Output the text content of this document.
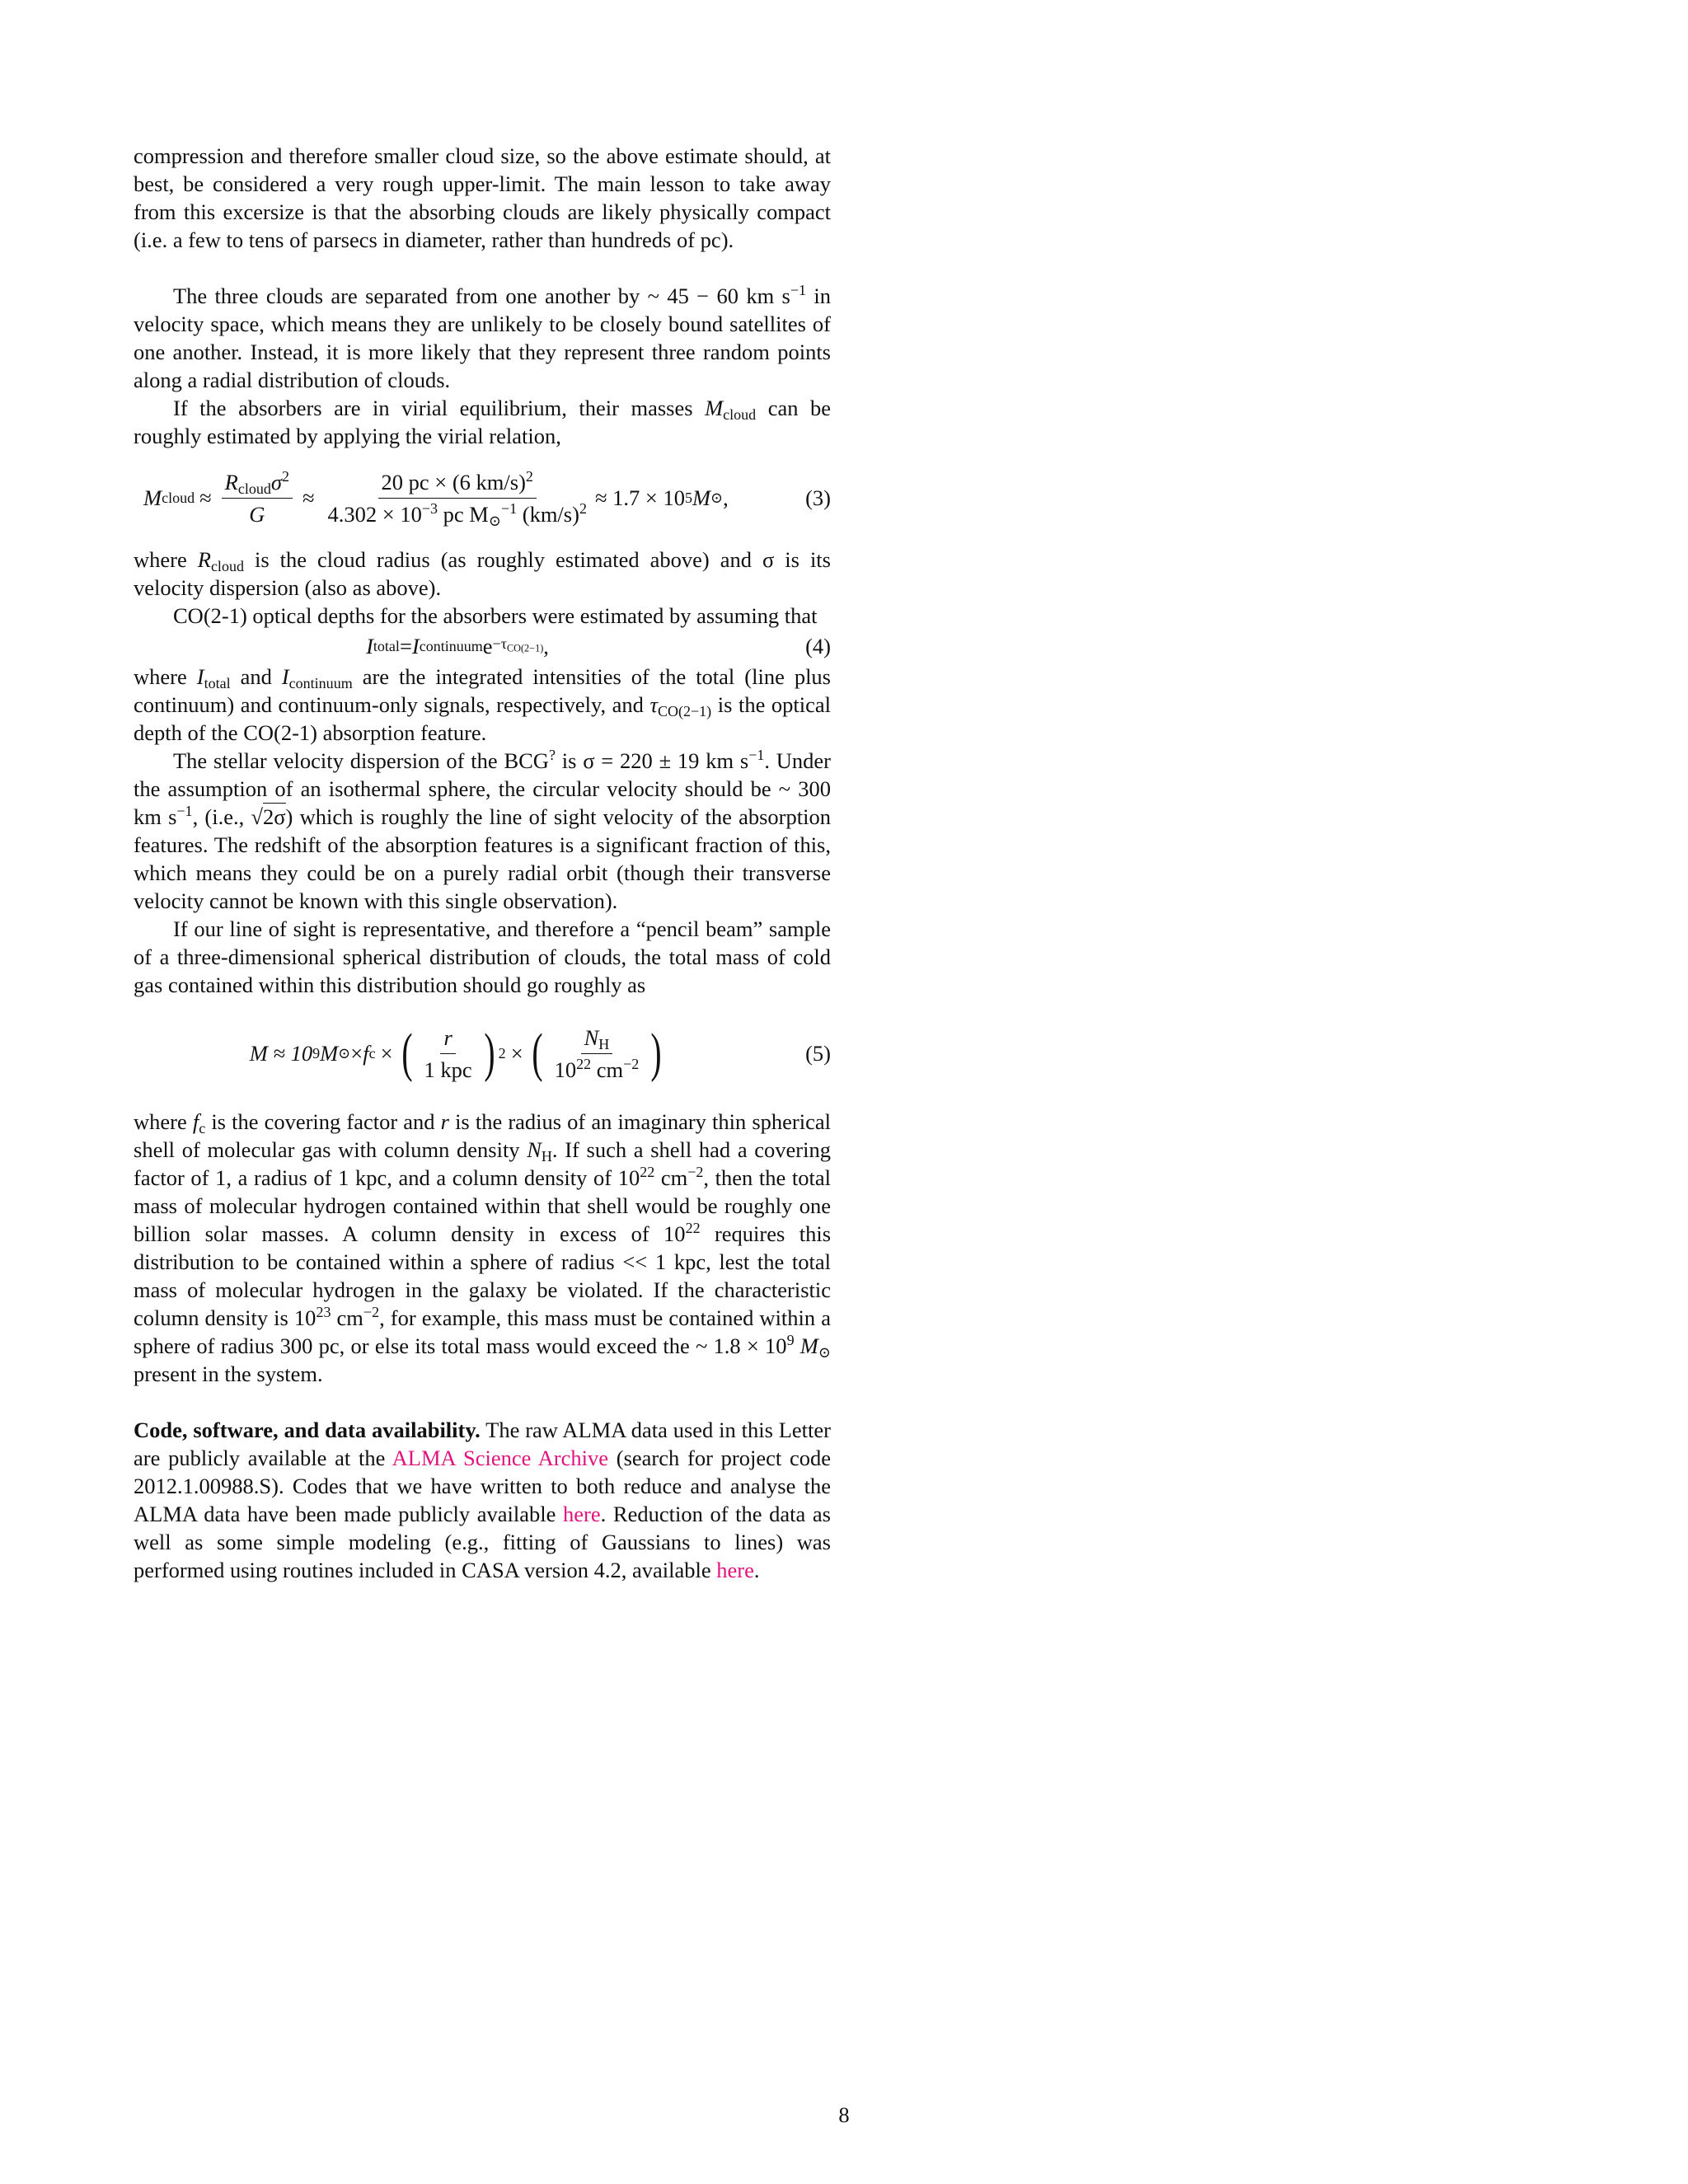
compression and therefore smaller cloud size, so the above estimate should, at best, be considered a very rough upper-limit. The main lesson to take away from this excersize is that the absorbing clouds are likely physically compact (i.e. a few to tens of parsecs in diameter, rather than hundreds of pc).

The three clouds are separated from one another by ~ 45 − 60 km $s^{-1}$ in velocity space, which means they are unlikely to be closely bound satellites of one another. Instead, it is more likely that they represent three random points along a radial distribution of clouds.

If the absorbers are in virial equilibrium, their masses $M_{cloud}$ can be roughly estimated by applying the virial relation,

M cloud ≈ $\frac{R_{cloud}\sigma^2}{G} \approx \frac{20 pc \times (6 km/s)^2}{4.302 \times 10^{-3} pc M_⊙^{-1} (km/s)^2} \approx 1.7 \times 10$ 5 M ⊙ ,	(3)

where $R_{cloud}$ is the cloud radius (as roughly estimated above) and σ is its velocity dispersion (also as above).

CO(2-1) optical depths for the absorbers were estimated by assuming that

I total = I continuum $e -\tau_{CO(2-1)}$ ,	(4)

where $I_{total}$ and $I_{continuum}$ are the integrated intensities of the total (line plus continuum) and continuum-only signals, respectively, and $\tau_{CO(2-1)}$ is the optical depth of the CO(2-1) absorption feature.

The stellar velocity dispersion of the BCG? is σ = 220 ± 19 km $s^{-1}$. Under the assumption of an isothermal sphere, the circular velocity should be ~ 300 km $s^{-1}$, (i.e., √2σ) which is roughly the line of sight velocity of the absorption features. The redshift of the absorption features is a significant fraction of this, which means they could be on a purely radial orbit (though their transverse velocity cannot be known with this single observation).

If our line of sight is representative, and therefore a “pencil beam” sample of a three-dimensional spherical distribution of clouds, the total mass of cold gas contained within this distribution should go roughly as

M ≈ 10 9 M ⊙ × f c × ( $\frac{r}{\text{1 kpc}}$ ) 2 × ( $\frac{N_H}{10^{22} cm^{-2}}$ )	(5)

where $f_c$ is the covering factor and r is the radius of an imaginary thin spherical shell of molecular gas with column density $N_H$. If such a shell had a covering factor of 1, a radius of 1 kpc, and a column density of $10^{22}$ $cm^{-2}$, then the total mass of molecular hydrogen contained within that shell would be roughly one billion solar masses. A column density in excess of $10^{22}$ requires this distribution to be contained within a sphere of radius << 1 kpc, lest the total mass of molecular hydrogen in the galaxy be violated. If the characteristic column density is $10^{23}$ $cm^{-2}$, for example, this mass must be contained within a sphere of radius 300 pc, or else its total mass would exceed the ~ $1.8 \times 10^9$ $M_⊙$ present in the system.

Code, software, and data availability. The raw ALMA data used in this Letter are publicly available at the ALMA Science Archive (search for project code 2012.1.00988.S). Codes that we have written to both reduce and analyse the ALMA data have been made publicly available here. Reduction of the data as well as some simple modeling (e.g., fitting of Gaussians to lines) was performed using routines included in CASA version 4.2, available here.

8
